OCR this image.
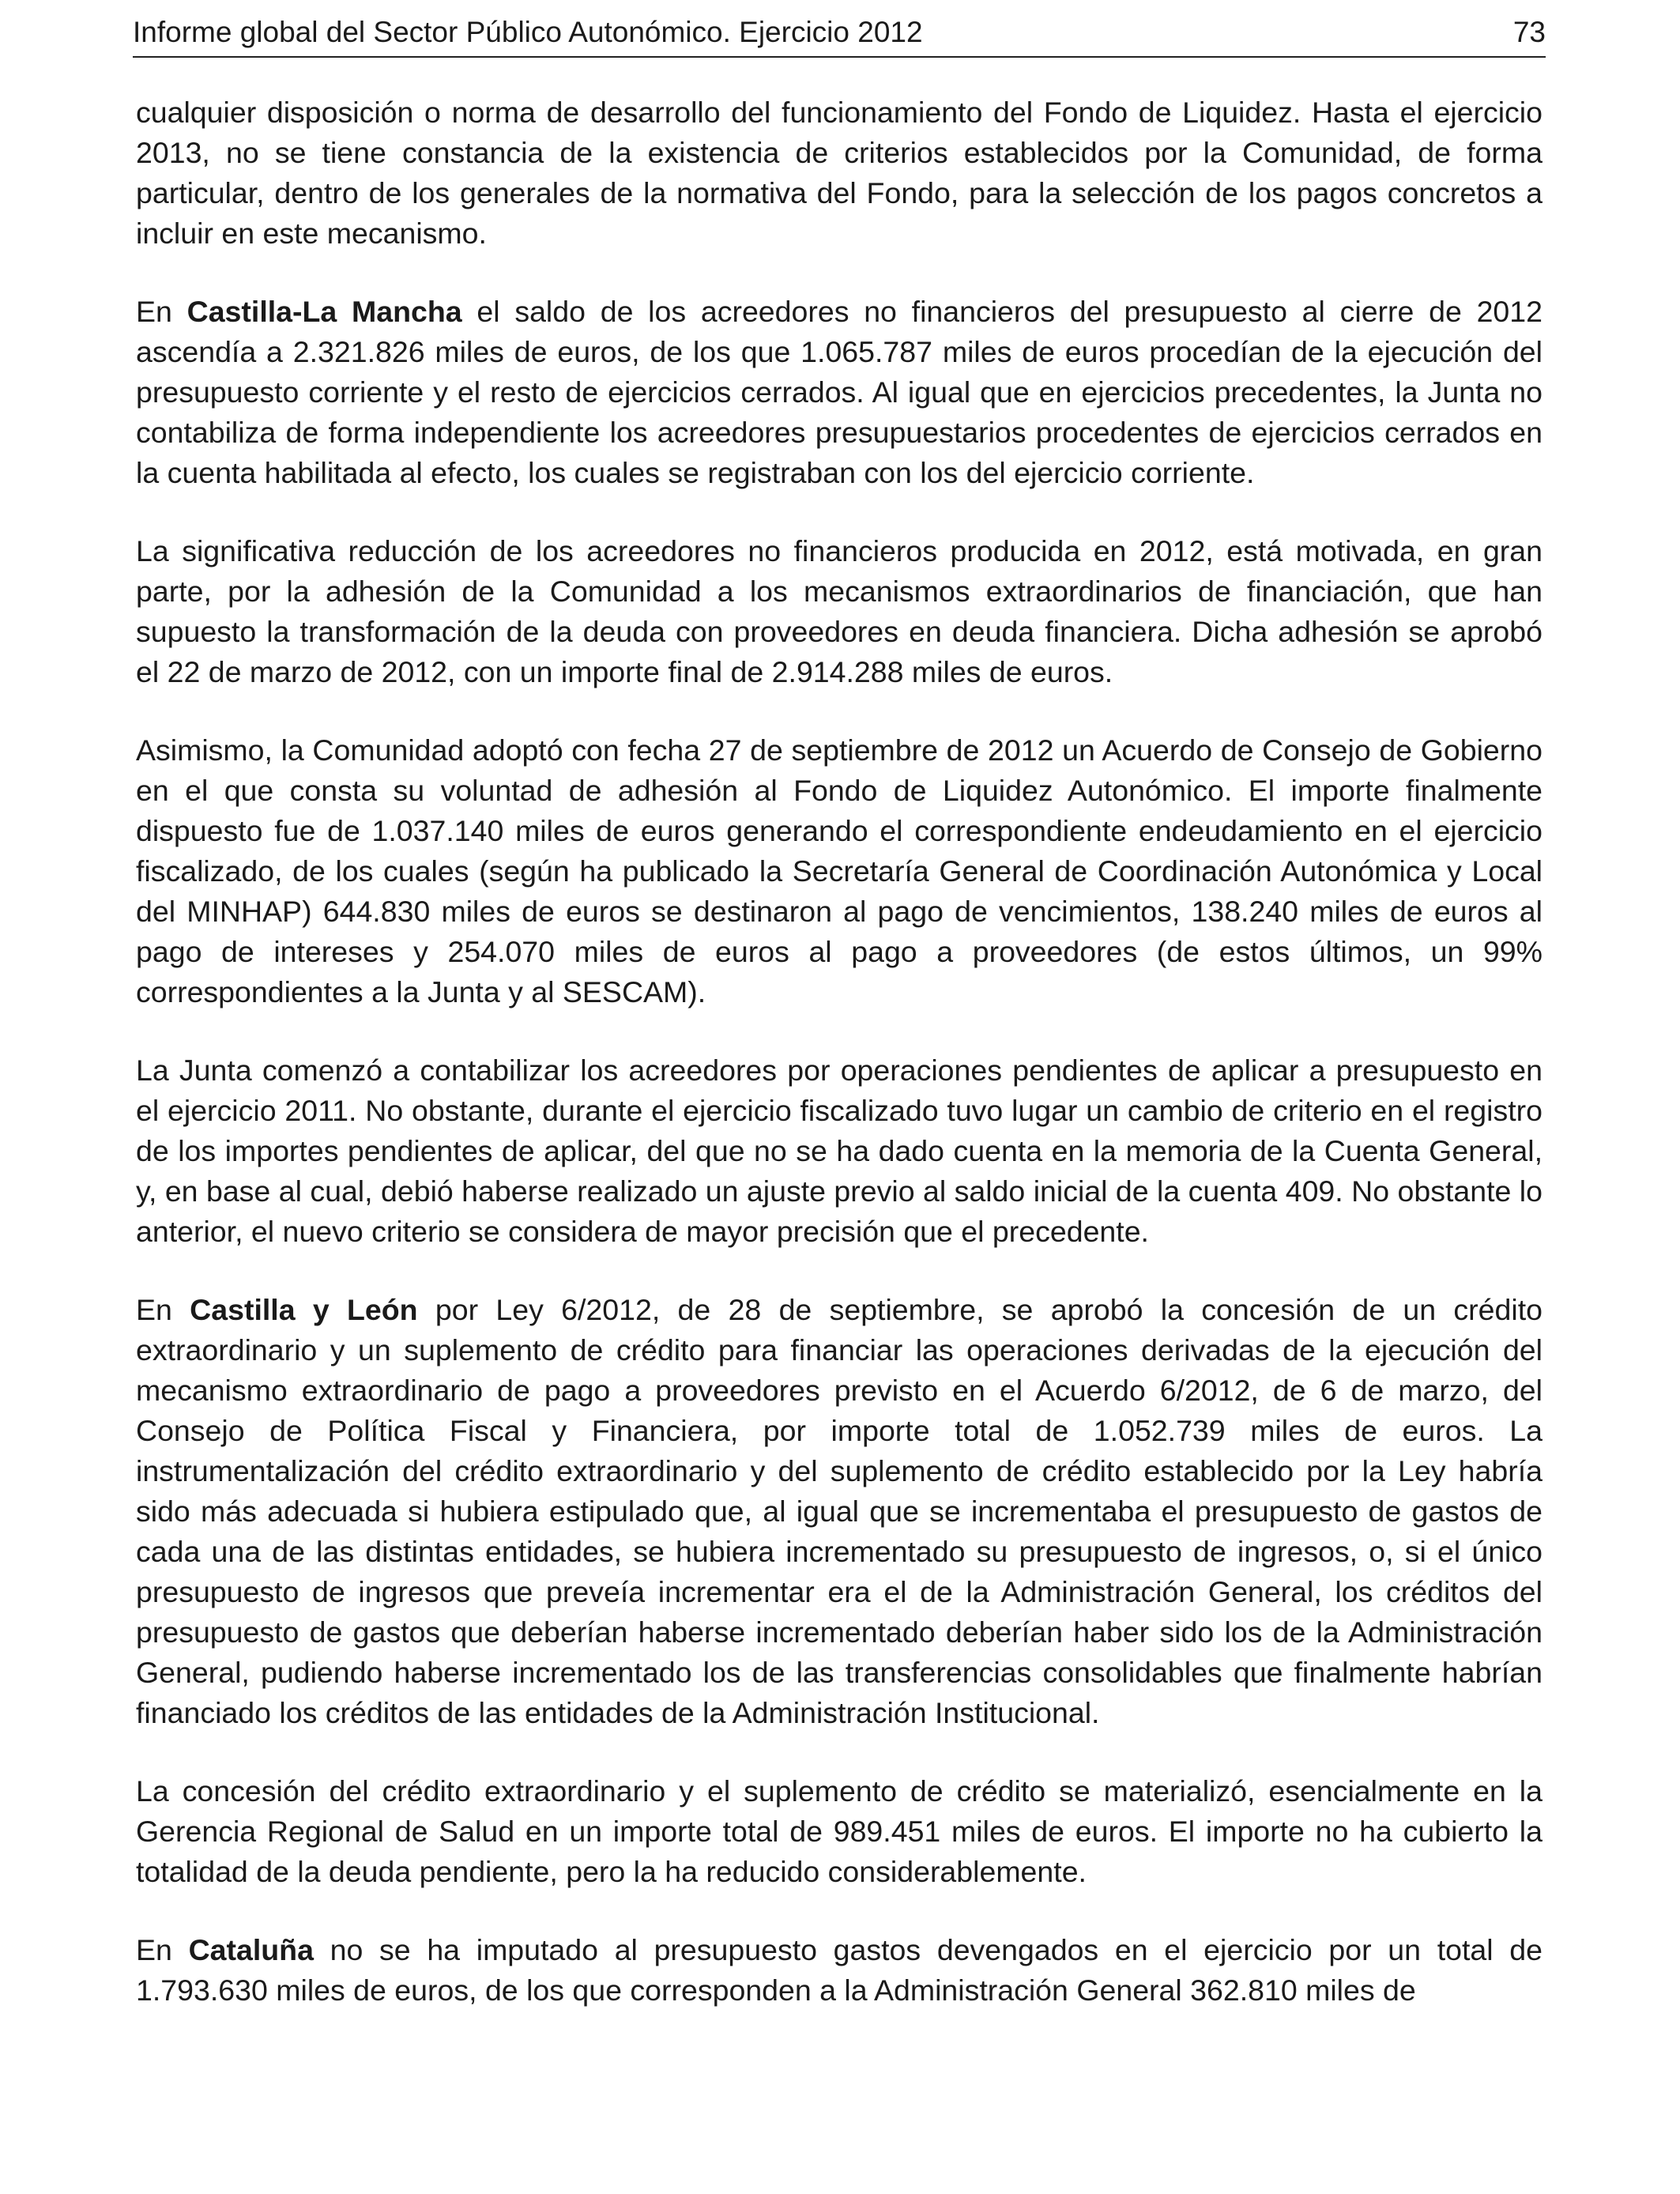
Informe global del Sector Público Autonómico. Ejercicio 2012	73

cualquier disposición o norma de desarrollo del funcionamiento del Fondo de Liquidez. Hasta el ejercicio 2013, no se tiene constancia de la existencia de criterios establecidos por la Comunidad, de forma particular, dentro de los generales de la normativa del Fondo, para la selección de los pagos concretos a incluir en este mecanismo.

En Castilla-La Mancha el saldo de los acreedores no financieros del presupuesto al cierre de 2012 ascendía a 2.321.826 miles de euros, de los que 1.065.787 miles de euros procedían de la ejecución del presupuesto corriente y el resto de ejercicios cerrados. Al igual que en ejercicios precedentes, la Junta no contabiliza de forma independiente los acreedores presupuestarios procedentes de ejercicios cerrados en la cuenta habilitada al efecto, los cuales se registraban con los del ejercicio corriente.

La significativa reducción de los acreedores no financieros producida en 2012, está motivada, en gran parte, por la adhesión de la Comunidad a los mecanismos extraordinarios de financiación, que han supuesto la transformación de la deuda con proveedores en deuda financiera. Dicha adhesión se aprobó el 22 de marzo de 2012, con un importe final de 2.914.288 miles de euros.

Asimismo, la Comunidad adoptó con fecha 27 de septiembre de 2012 un Acuerdo de Consejo de Gobierno en el que consta su voluntad de adhesión al Fondo de Liquidez Autonómico. El importe finalmente dispuesto fue de 1.037.140 miles de euros generando el correspondiente endeudamiento en el ejercicio fiscalizado, de los cuales (según ha publicado la Secretaría General de Coordinación Autonómica y Local del MINHAP) 644.830 miles de euros se destinaron al pago de vencimientos, 138.240 miles de euros al pago de intereses y 254.070 miles de euros al pago a proveedores (de estos últimos, un 99% correspondientes a la Junta y al SESCAM).

La Junta comenzó a contabilizar los acreedores por operaciones pendientes de aplicar a presupuesto en el ejercicio 2011. No obstante, durante el ejercicio fiscalizado tuvo lugar un cambio de criterio en el registro de los importes pendientes de aplicar, del que no se ha dado cuenta en la memoria de la Cuenta General, y, en base al cual, debió haberse realizado un ajuste previo al saldo inicial de la cuenta 409. No obstante lo anterior, el nuevo criterio se considera de mayor precisión que el precedente.

En Castilla y León por Ley 6/2012, de 28 de septiembre, se aprobó la concesión de un crédito extraordinario y un suplemento de crédito para financiar las operaciones derivadas de la ejecución del mecanismo extraordinario de pago a proveedores previsto en el Acuerdo 6/2012, de 6 de marzo, del Consejo de Política Fiscal y Financiera, por importe total de 1.052.739 miles de euros. La instrumentalización del crédito extraordinario y del suplemento de crédito establecido por la Ley habría sido más adecuada si hubiera estipulado que, al igual que se incrementaba el presupuesto de gastos de cada una de las distintas entidades, se hubiera incrementado su presupuesto de ingresos, o, si el único presupuesto de ingresos que preveía incrementar era el de la Administración General, los créditos del presupuesto de gastos que deberían haberse incrementado deberían haber sido los de la Administración General, pudiendo haberse incrementado los de las transferencias consolidables que finalmente habrían financiado los créditos de las entidades de la Administración Institucional.

La concesión del crédito extraordinario y el suplemento de crédito se materializó, esencialmente en la Gerencia Regional de Salud en un importe total de 989.451 miles de euros. El importe no ha cubierto la totalidad de la deuda pendiente, pero la ha reducido considerablemente.

En Cataluña no se ha imputado al presupuesto gastos devengados en el ejercicio por un total de 1.793.630 miles de euros, de los que corresponden a la Administración General 362.810 miles de
